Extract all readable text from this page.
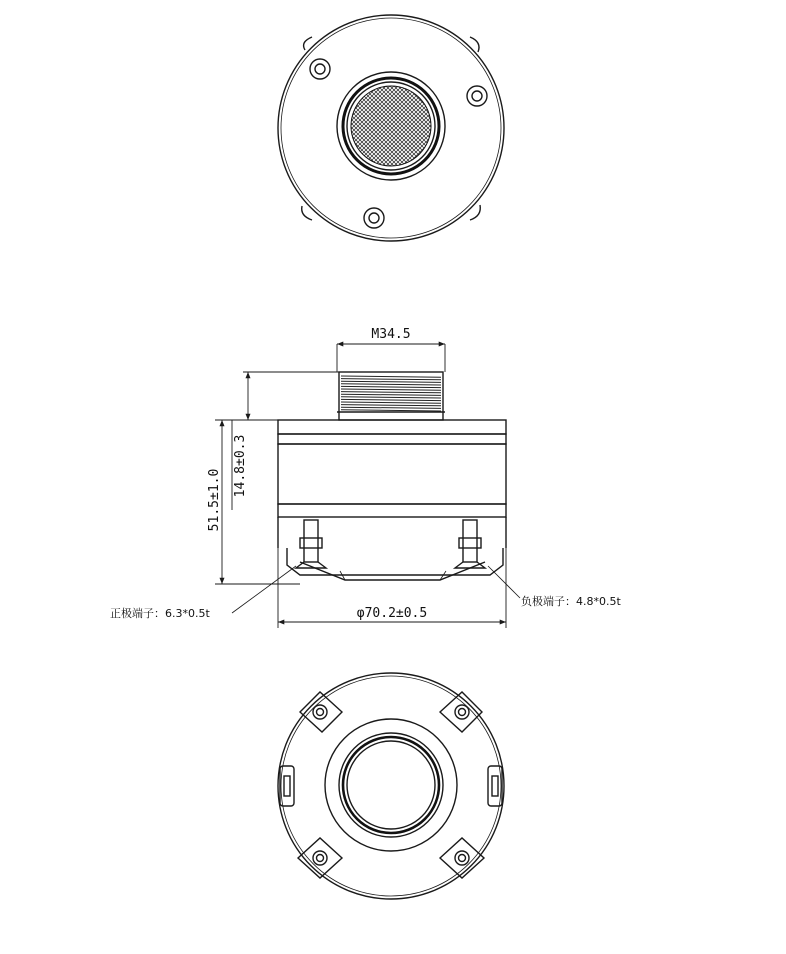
M34.5
14.8±0.3
51.5±1.0
φ70.2±0.5
正极端子：6.3*0.5t
负极端子：4.8*0.5t
